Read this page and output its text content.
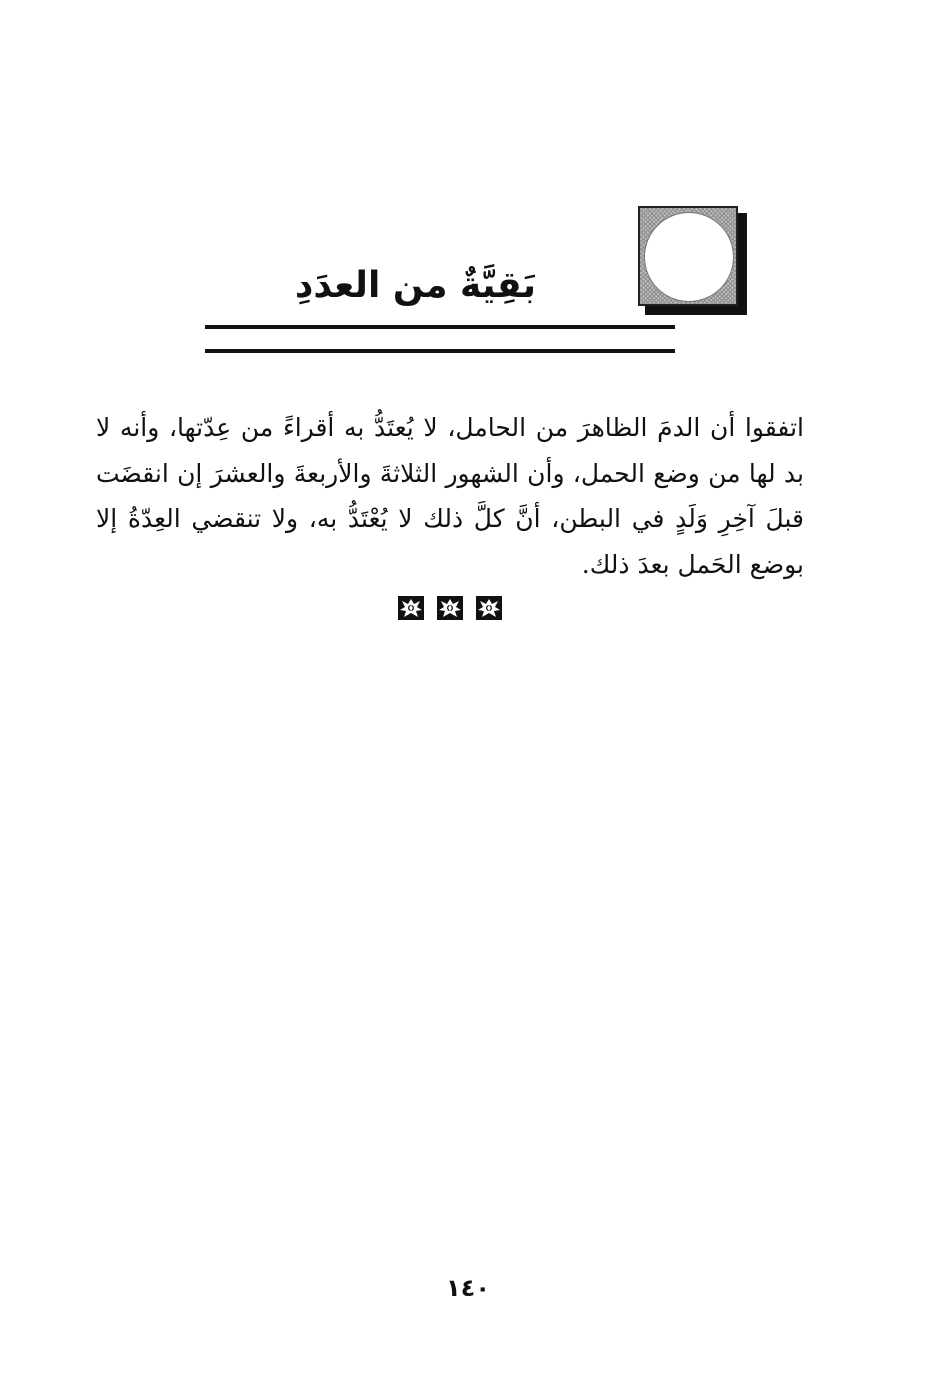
بَقِيَّةٌ من العدَدِ

اتفقوا أن الدمَ الظاهرَ من الحامل، لا يُعتَدُّ به أقراءً من عِدّتها، وأنه لا بد لها من وضع الحمل، وأن الشهور الثلاثةَ والأربعةَ والعشرَ إن انقضَت قبلَ آخِرِ وَلَدٍ في البطن، أنَّ كلَّ ذلك لا يُعْتَدُّ به، ولا تنقضي العِدّةُ إلا بوضع الحَمل بعدَ ذلك.

١٤٠
